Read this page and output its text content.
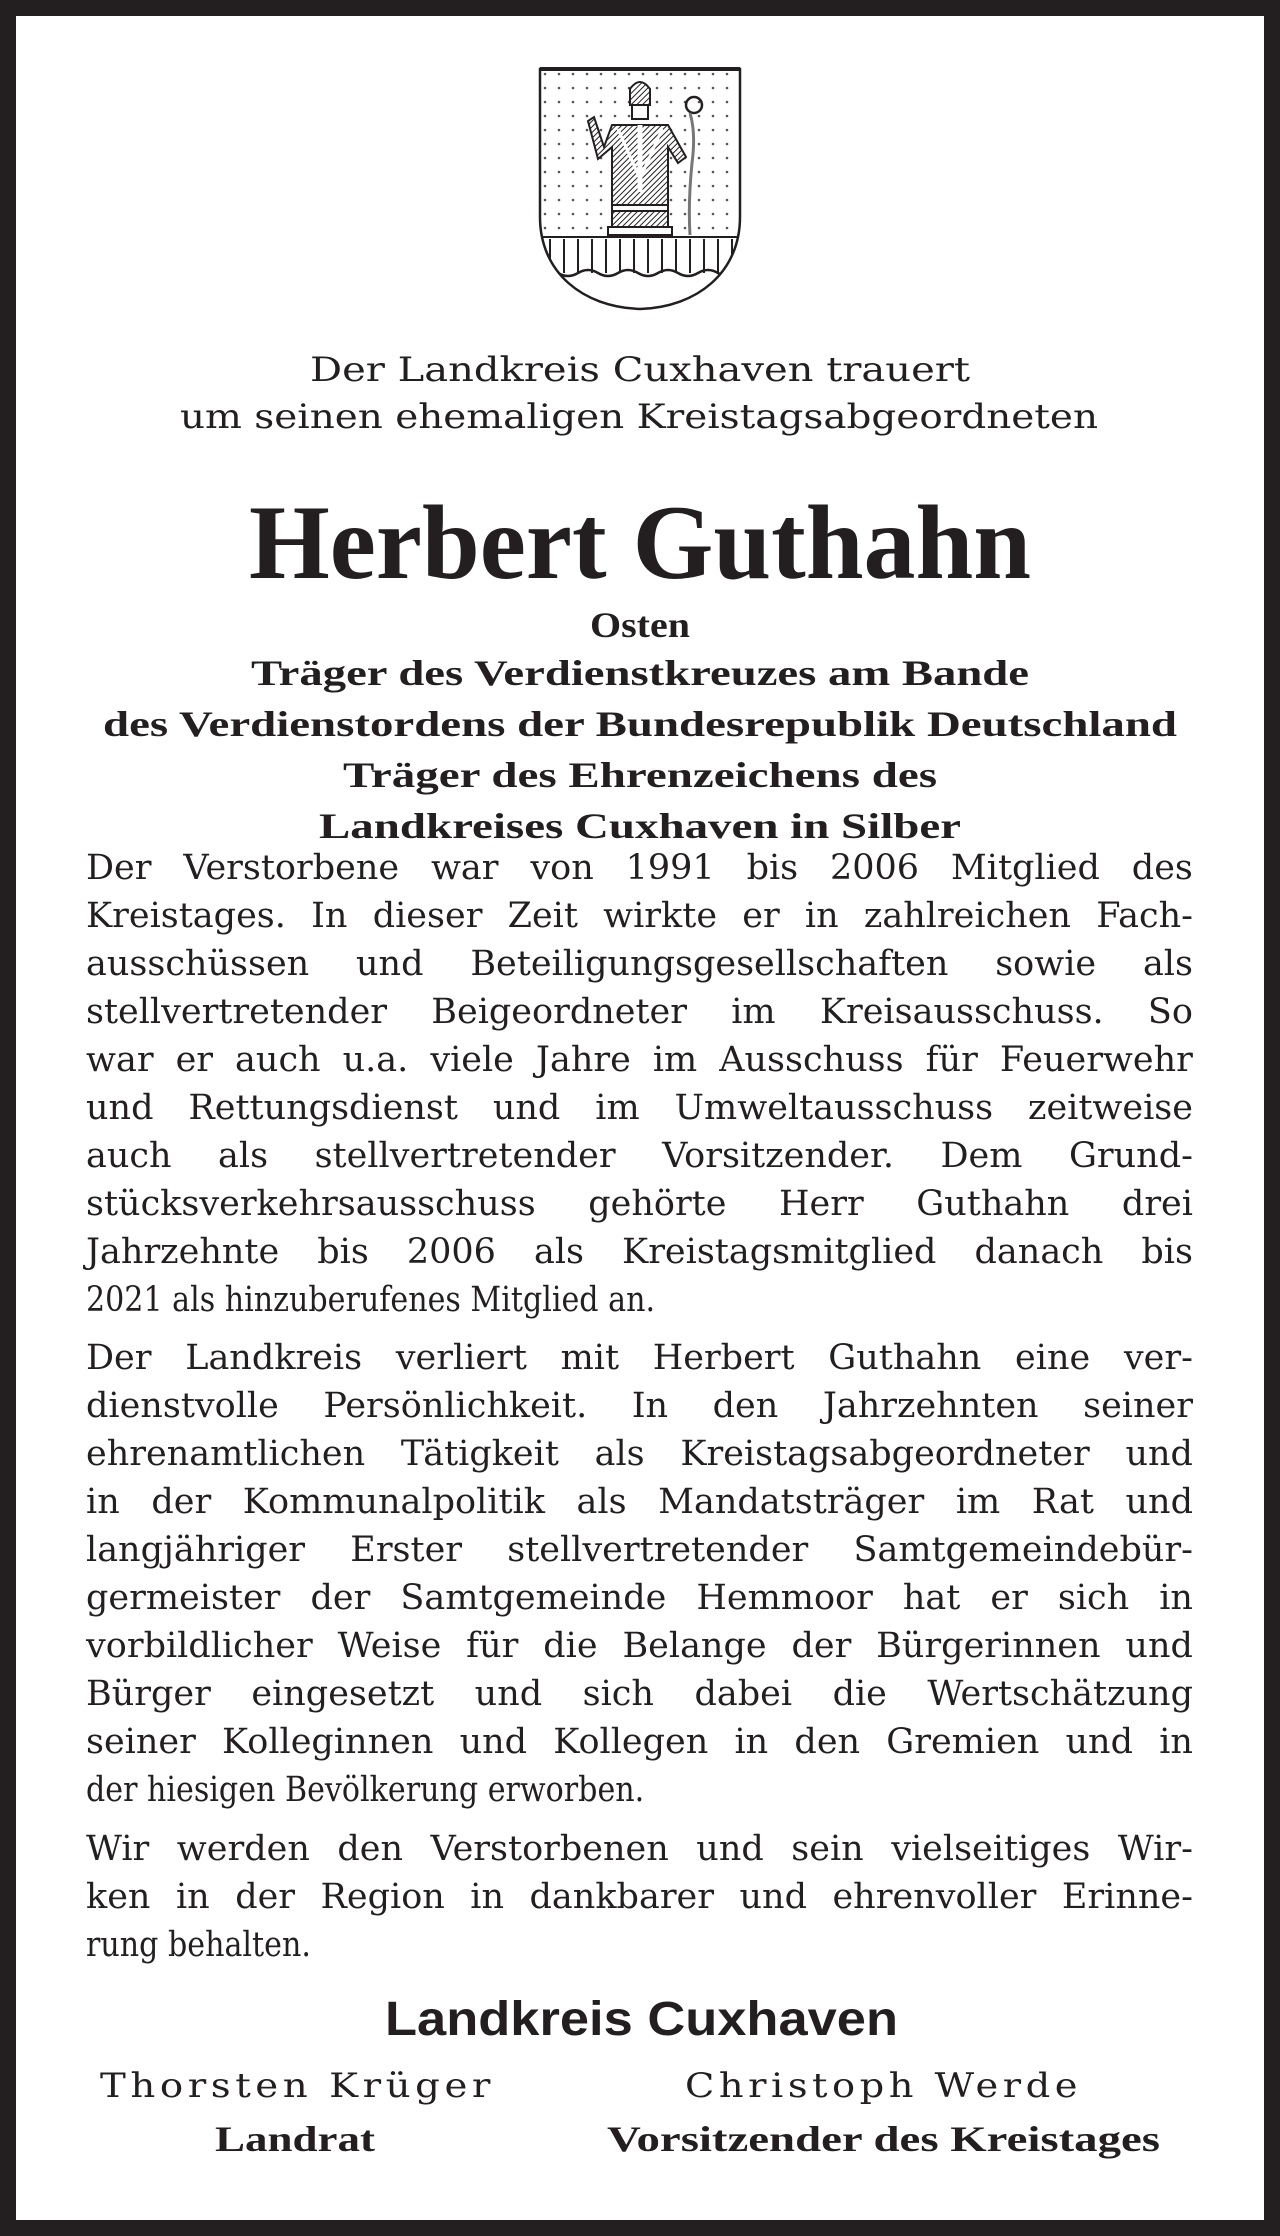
Der Landkreis Cuxhaven trauert
um seinen ehemaligen Kreistagsabgeordneten
Herbert Guthahn
Osten
Träger des Verdienstkreuzes am Bande
des Verdienstordens der Bundesrepublik Deutschland
Träger des Ehrenzeichens des
Landkreises Cuxhaven in Silber
Der Verstorbene war von 1991 bis 2006 Mitglied des
Kreistages. In dieser Zeit wirkte er in zahlreichen Fach-
ausschüssen und Beteiligungsgesellschaften sowie als
stellvertretender Beigeordneter im Kreisausschuss. So
war er auch u.a. viele Jahre im Ausschuss für Feuerwehr
und Rettungsdienst und im Umweltausschuss zeitweise
auch als stellvertretender Vorsitzender. Dem Grund-
stücksverkehrsausschuss gehörte Herr Guthahn drei
Jahrzehnte bis 2006 als Kreistagsmitglied danach bis
2021 als hinzuberufenes Mitglied an.
Der Landkreis verliert mit Herbert Guthahn eine ver-
dienstvolle Persönlichkeit. In den Jahrzehnten seiner
ehrenamtlichen Tätigkeit als Kreistagsabgeordneter und
in der Kommunalpolitik als Mandatsträger im Rat und
langjähriger Erster stellvertretender Samtgemeindebür-
germeister der Samtgemeinde Hemmoor hat er sich in
vorbildlicher Weise für die Belange der Bürgerinnen und
Bürger eingesetzt und sich dabei die Wertschätzung
seiner Kolleginnen und Kollegen in den Gremien und in
der hiesigen Bevölkerung erworben.
Wir werden den Verstorbenen und sein vielseitiges Wir-
ken in der Region in dankbarer und ehrenvoller Erinne-
rung behalten.
Landkreis Cuxhaven
Thorsten Krüger
Landrat
Christoph Werde
Vorsitzender des Kreistages
